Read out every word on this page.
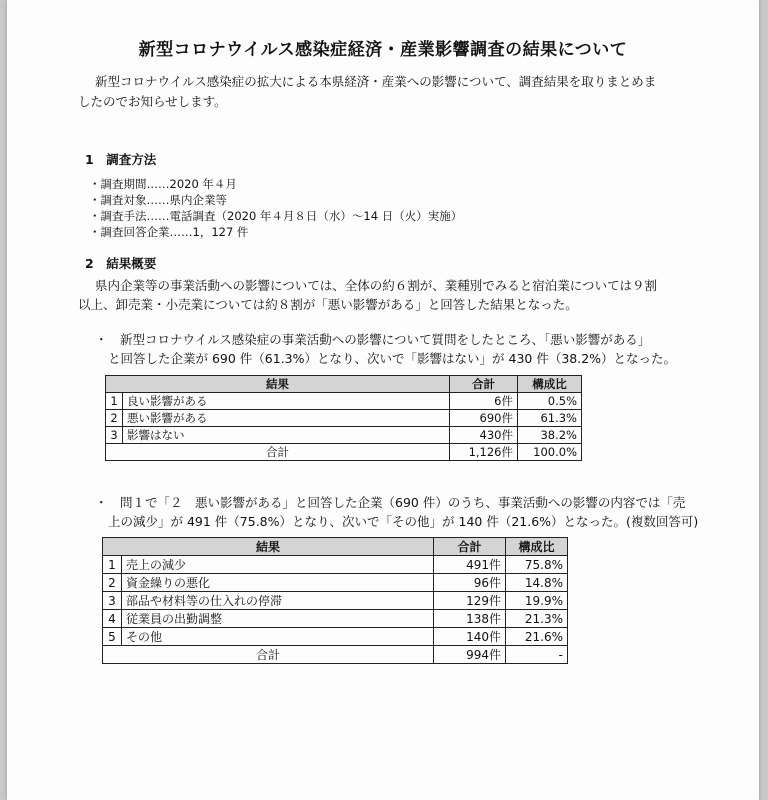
新型コロナウイルス感染症経済・産業影響調査の結果について
新型コロナウイルス感染症の拡大による本県経済・産業への影響について、調査結果を取りまとめま
したのでお知らせします。
1　調査方法
・調査期間……2020 年４月
・調査対象……県内企業等
・調査手法……電話調査（2020 年４月８日（水）～14 日（火）実施）
・調査回答企業……1，127 件
2　結果概要
県内企業等の事業活動への影響については、全体の約６割が、業種別でみると宿泊業については９割
以上、卸売業・小売業については約８割が「悪い影響がある」と回答した結果となった。
・　新型コロナウイルス感染症の事業活動への影響について質問をしたところ、「悪い影響がある」
と回答した企業が 690 件（61.3%）となり、次いで「影響はない」が 430 件（38.2%）となった。
結果		合計	構成比
1	良い影響がある	6件	0.5%
2	悪い影響がある	690件	61.3%
3	影響はない	430件	38.2%
合計		1,126件	100.0%
・　問１で「２　悪い影響がある」と回答した企業（690 件）のうち、事業活動への影響の内容では「売
上の減少」が 491 件（75.8%）となり、次いで「その他」が 140 件（21.6%）となった。(複数回答可)
結果		合計	構成比
1	売上の減少	491件	75.8%
2	資金繰りの悪化	96件	14.8%
3	部品や材料等の仕入れの停滞	129件	19.9%
4	従業員の出勤調整	138件	21.3%
5	その他	140件	21.6%
合計		994件	-
